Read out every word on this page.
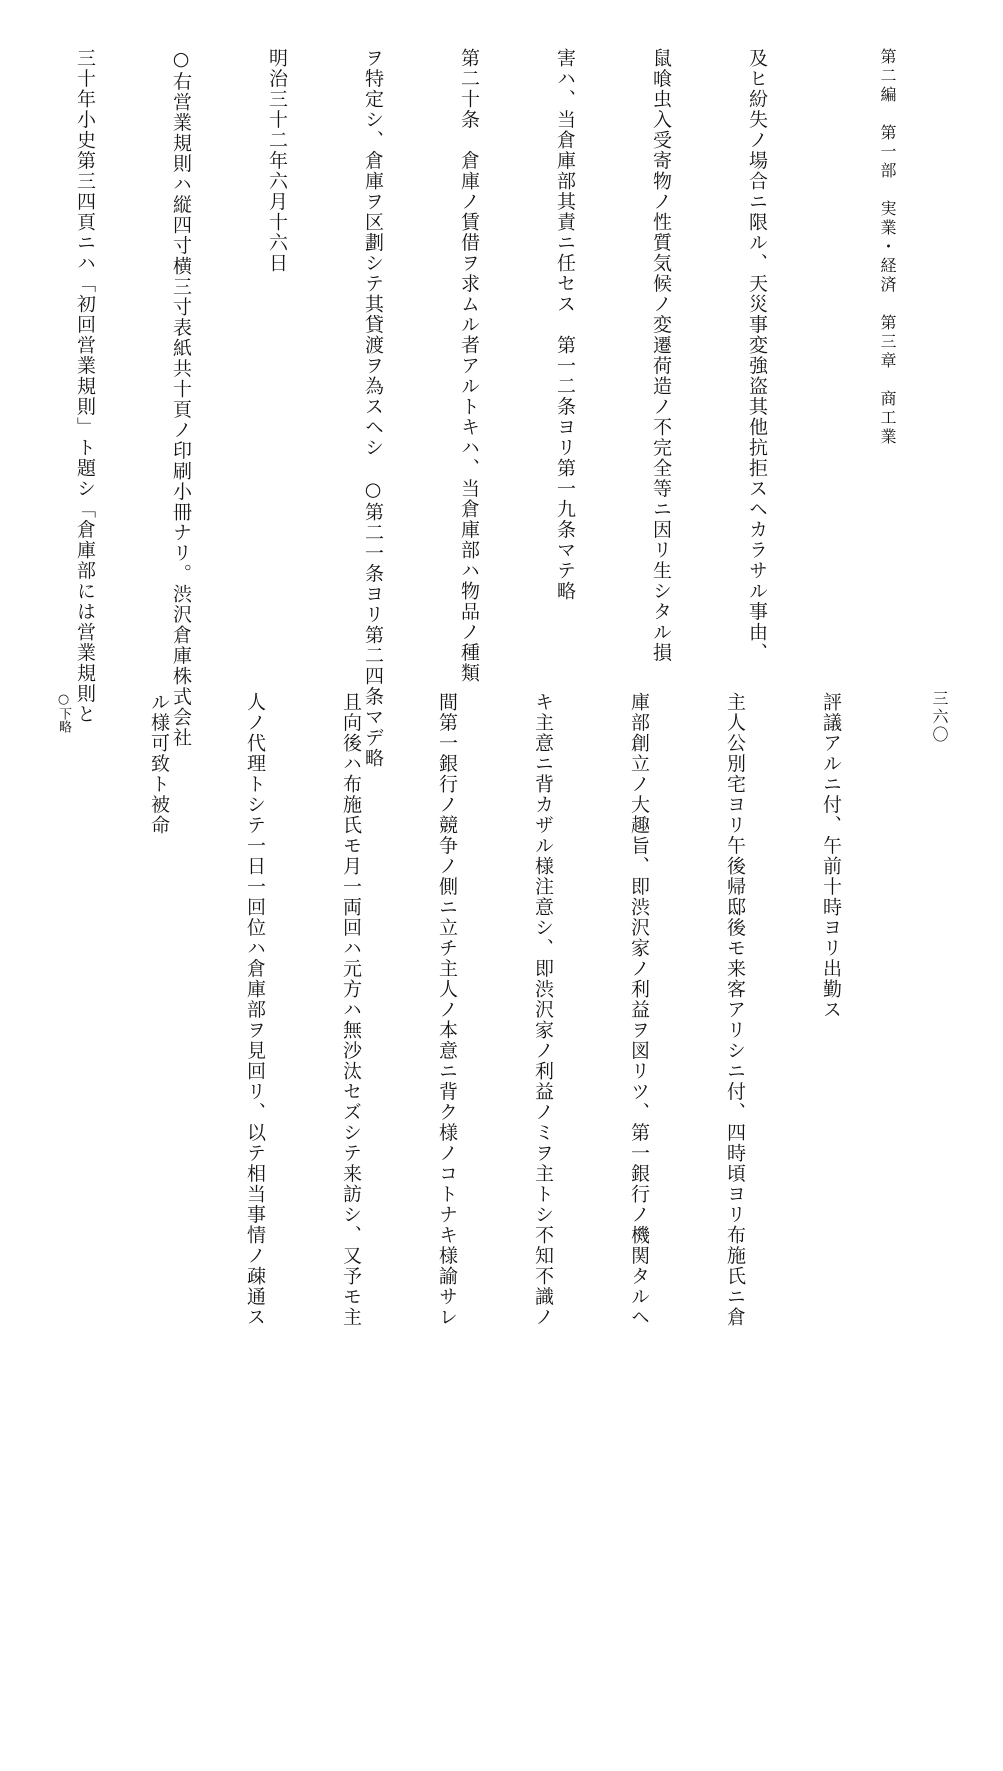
三六〇

第二編　第一部　実業・経済　第三章　商工業

及ヒ紛失ノ場合ニ限ル、天災事変強盗其他抗拒スヘカラサル事由、

鼠喰虫入受寄物ノ性質気候ノ変遷荷造ノ不完全等ニ因リ生シタル損

害ハ、当倉庫部其責ニ任セス　第一二条ヨリ第一九条マテ略

第二十条　倉庫ノ賃借ヲ求ムル者アルトキハ、当倉庫部ハ物品ノ種類

ヲ特定シ、倉庫ヲ区劃シテ其貸渡ヲ為スヘシ　○第二一条ヨリ第二四条マデ略

明治三十二年六月十六日

○右営業規則ハ縦四寸横三寸表紙共十頁ノ印刷小冊ナリ。渋沢倉庫株式会社

三十年小史第三四頁ニハ「初回営業規則」ト題シ「倉庫部には営業規則と

評議アルニ付、午前十時ヨリ出勤ス

主人公別宅ヨリ午後帰邸後モ来客アリシニ付、四時頃ヨリ布施氏ニ倉

庫部創立ノ大趣旨、即渋沢家ノ利益ヲ図リツ、第一銀行ノ機関タルヘ

キ主意ニ背カザル様注意シ、即渋沢家ノ利益ノミヲ主トシ不知不識ノ

間第一銀行ノ競争ノ側ニ立チ主人ノ本意ニ背ク様ノコトナキ様諭サレ

且向後ハ布施氏モ月一両回ハ元方ハ無沙汰セズシテ来訪シ、又予モ主

人ノ代理トシテ一日一回位ハ倉庫部ヲ見回リ、以テ相当事情ノ疎通ス

ル様可致ト被命

○下略
